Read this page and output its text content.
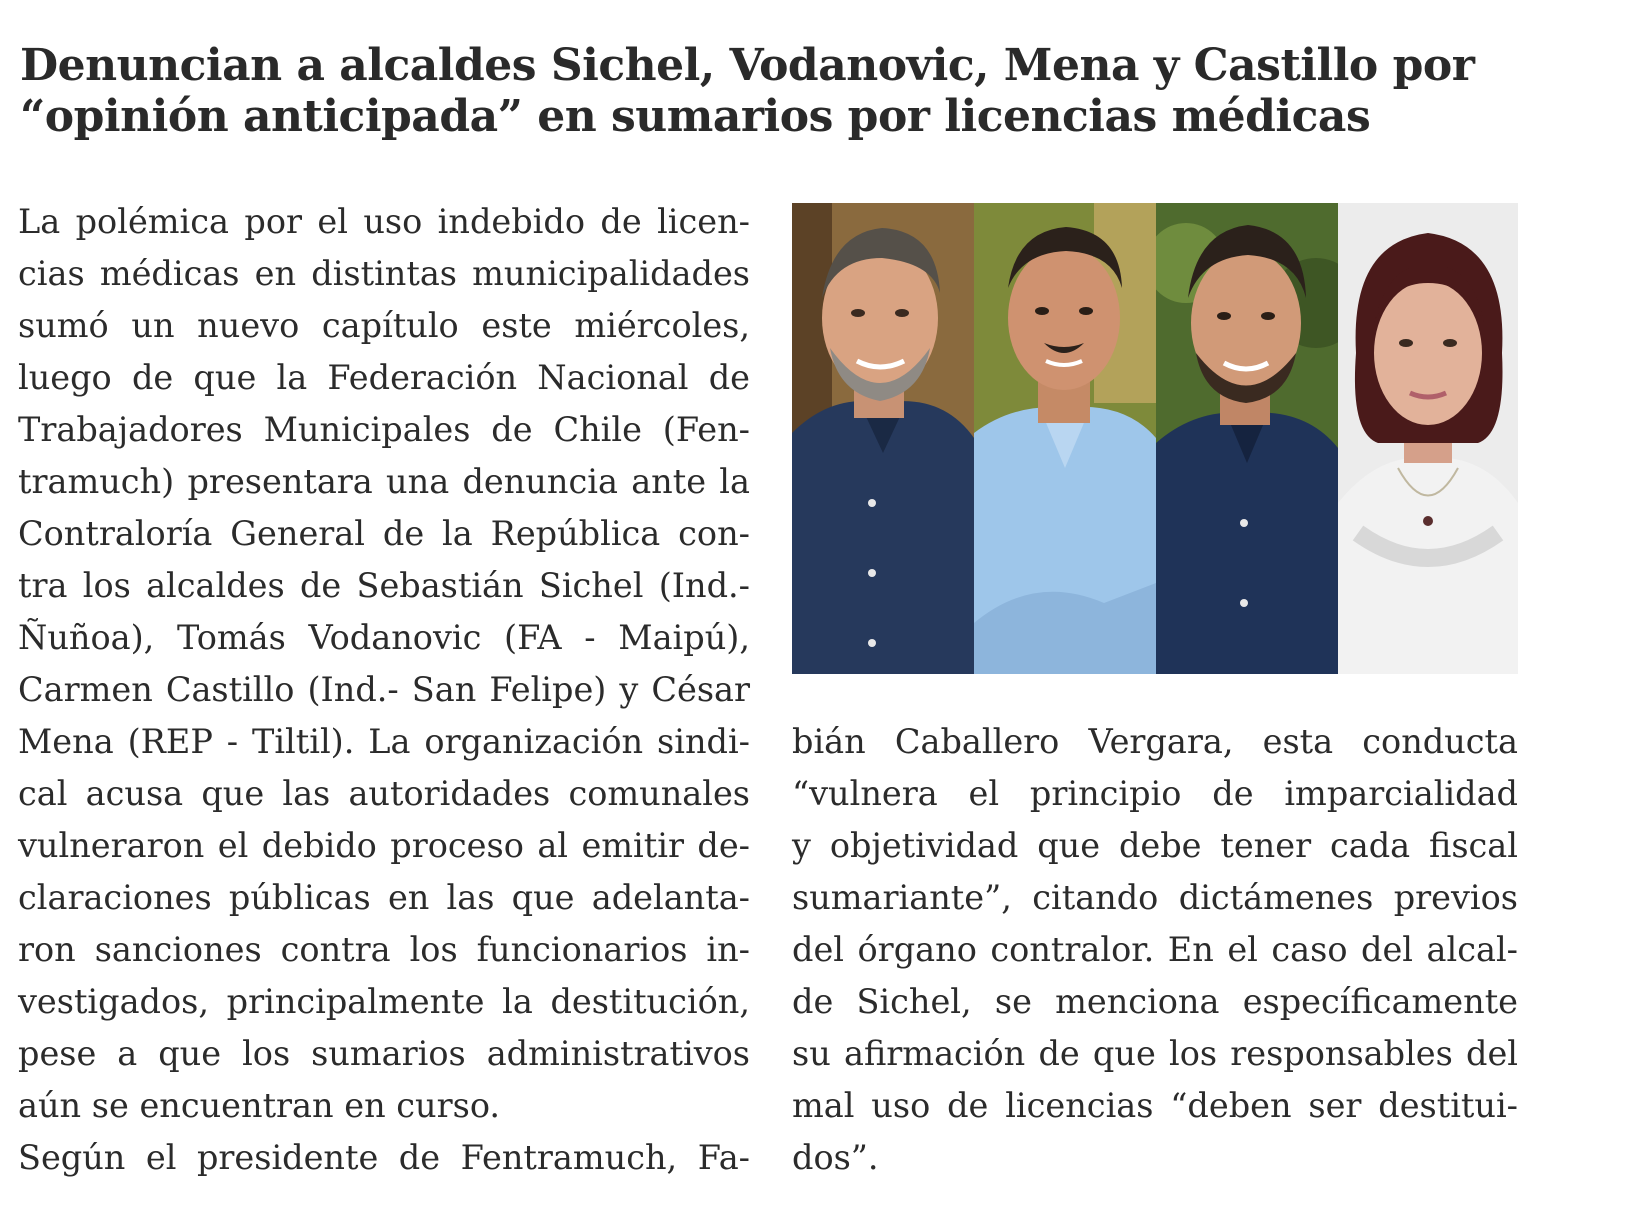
Denuncian a alcaldes Sichel, Vodanovic, Mena y Castillo por
“opinión anticipada” en sumarios por licencias médicas
La polémica por el uso indebido de licen-
cias médicas en distintas municipalidades
sumó un nuevo capítulo este miércoles,
luego de que la Federación Nacional de
Trabajadores Municipales de Chile (Fen-
tramuch) presentara una denuncia ante la
Contraloría General de la República con-
tra los alcaldes de Sebastián Sichel (Ind.-
Ñuñoa), Tomás Vodanovic (FA - Maipú),
Carmen Castillo (Ind.- San Felipe) y César
Mena (REP - Tiltil). La organización sindi-
cal acusa que las autoridades comunales
vulneraron el debido proceso al emitir de-
claraciones públicas en las que adelanta-
ron sanciones contra los funcionarios in-
vestigados, principalmente la destitución,
pese a que los sumarios administrativos
aún se encuentran en curso.
Según el presidente de Fentramuch, Fa-
bián Caballero Vergara, esta conducta
“vulnera el principio de imparcialidad
y objetividad que debe tener cada fiscal
sumariante”, citando dictámenes previos
del órgano contralor. En el caso del alcal-
de Sichel, se menciona específicamente
su afirmación de que los responsables del
mal uso de licencias “deben ser destitui-
dos”.
